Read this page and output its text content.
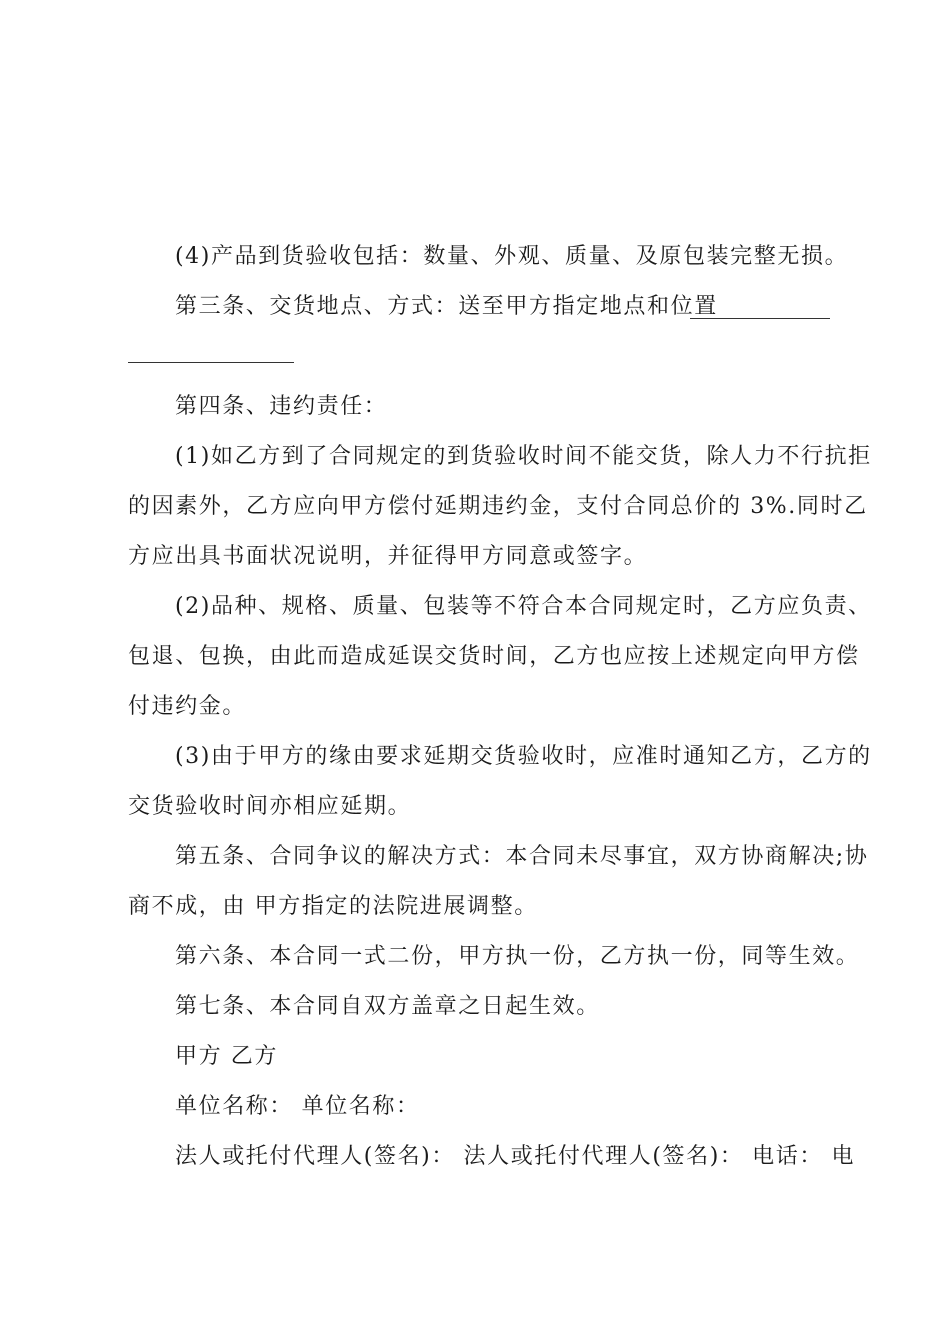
(4)产品到货验收包括：数量、外观、质量、及原包装完整无损。
第三条、交货地点、方式：送至甲方指定地点和位置
第四条、违约责任：
(1)如乙方到了合同规定的到货验收时间不能交货，除人力不行抗拒
的因素外，乙方应向甲方偿付延期违约金，支付合同总价的 3%.同时乙
方应出具书面状况说明，并征得甲方同意或签字。
(2)品种、规格、质量、包装等不符合本合同规定时，乙方应负责、
包退、包换，由此而造成延误交货时间，乙方也应按上述规定向甲方偿
付违约金。
(3)由于甲方的缘由要求延期交货验收时，应准时通知乙方，乙方的
交货验收时间亦相应延期。
第五条、合同争议的解决方式：本合同未尽事宜，双方协商解决;协
商不成，由 甲方指定的法院进展调整。
第六条、本合同一式二份，甲方执一份，乙方执一份，同等生效。
第七条、本合同自双方盖章之日起生效。
甲方 乙方
单位名称： 单位名称：
法人或托付代理人(签名)： 法人或托付代理人(签名)： 电话： 电
